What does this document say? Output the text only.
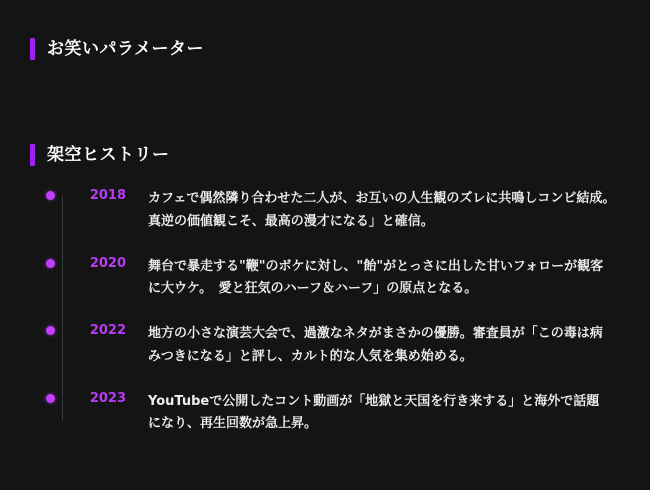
お笑いパラメーター
架空ヒストリー
2018	カフェで偶然隣り合わせた二人が、お互いの人生観のズレに共鳴しコンビ結成。　真逆の価値観こそ、最高の漫才になる」と確信。
2020	舞台で暴走する"鞭"のボケに対し、"飴"がとっさに出した甘いフォローが観客に大ウケ。　愛と狂気のハーフ＆ハーフ」の原点となる。
2022	地方の小さな演芸大会で、過激なネタがまさかの優勝。審査員が「この毒は病みつきになる」と評し、カルト的な人気を集め始める。
2023	YouTubeで公開したコント動画が「地獄と天国を行き来する」と海外で話題になり、再生回数が急上昇。
